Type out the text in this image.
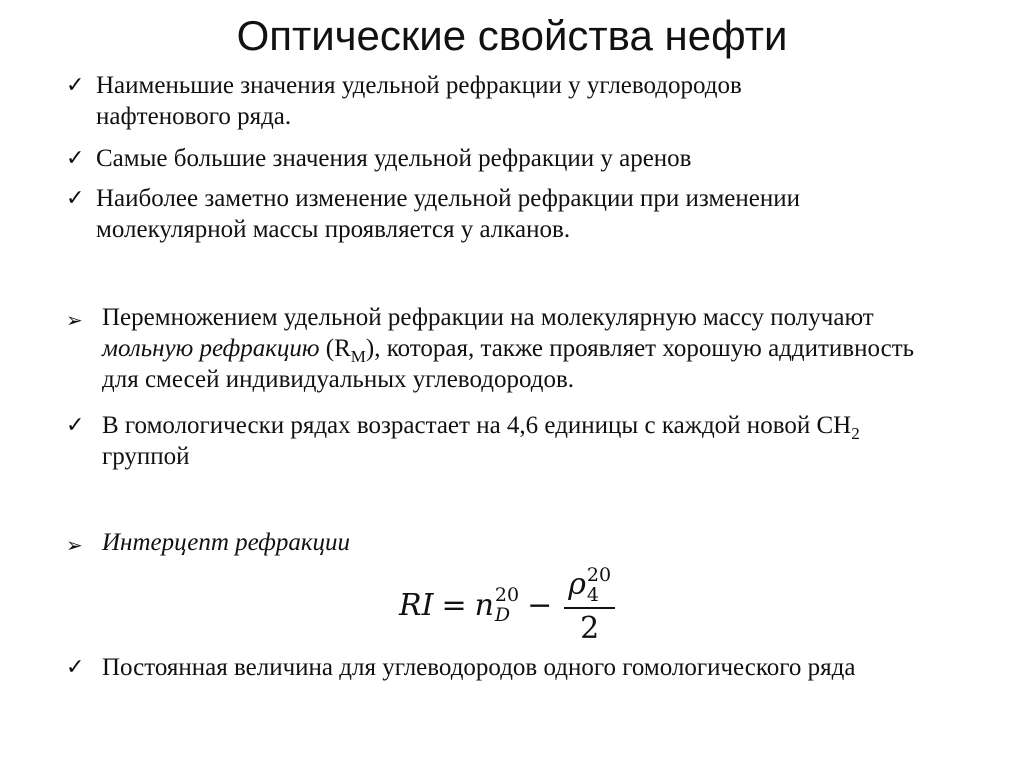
Оптические свойства нефти
✓ Наименьшие значения удельной рефракции у углеводородов нафтенового ряда.
✓ Самые большие значения удельной рефракции у аренов
✓ Наиболее заметно изменение удельной рефракции при изменении молекулярной массы проявляется у алканов.
➢ Перемножением удельной рефракции на молекулярную массу получают мольную рефракцию $(R_M)$, которая, также проявляет хорошую аддитивность для смесей индивидуальных углеводородов.
✓ В гомологически рядах возрастает на 4,6 единицы с каждой новой $CH_2$ группой
➢ Интерцепт рефракции
RI = n 20
D − ρ 20
4
2
✓ Постоянная величина для углеводородов одного гомологического ряда
